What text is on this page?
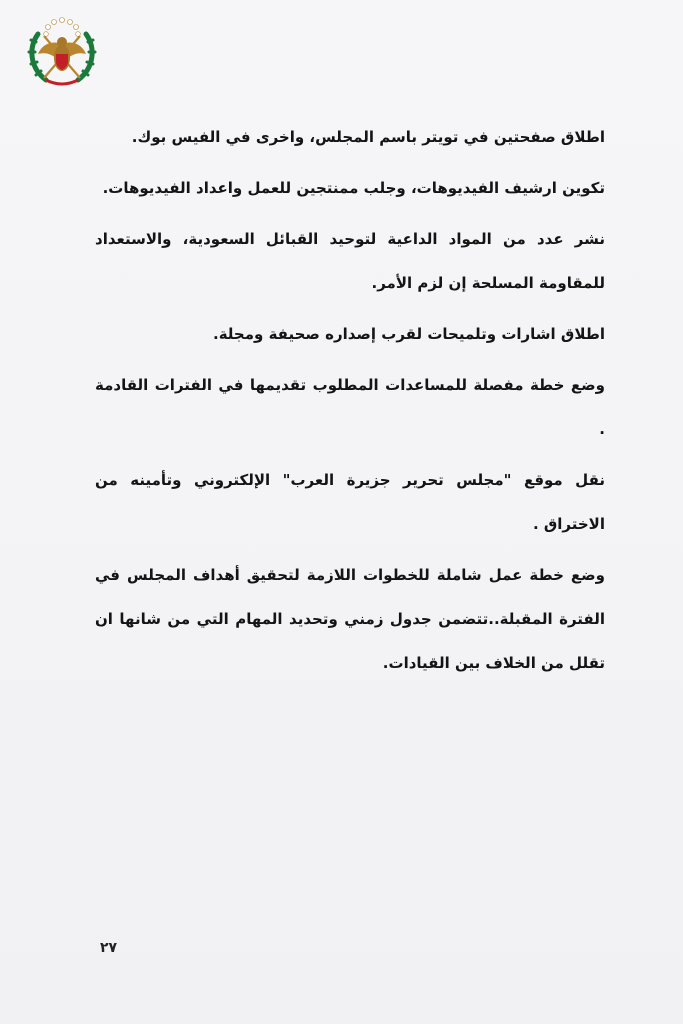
اطلاق صفحتين في تويتر باسم المجلس، واخرى في الفيس بوك.

تكوين ارشيف الفيديوهات، وجلب ممنتجين للعمل واعداد الفيديوهات.

نشر عدد من المواد الداعية لتوحيد القبائل السعودية، والاستعداد للمقاومة المسلحة إن لزم الأمر.

اطلاق اشارات وتلميحات لقرب إصداره صحيفة ومجلة.

وضع خطة مفصلة للمساعدات المطلوب تقديمها في الفترات القادمة .

نقل موقع "مجلس تحرير جزيرة العرب" الإلكتروني وتأمينه من الاختراق .

وضع خطة عمل شاملة للخطوات اللازمة لتحقيق أهداف المجلس في الفترة المقبلة..تتضمن جدول زمني وتحديد المهام التي من شانها ان تقلل من الخلاف بين القيادات.

٢٧
